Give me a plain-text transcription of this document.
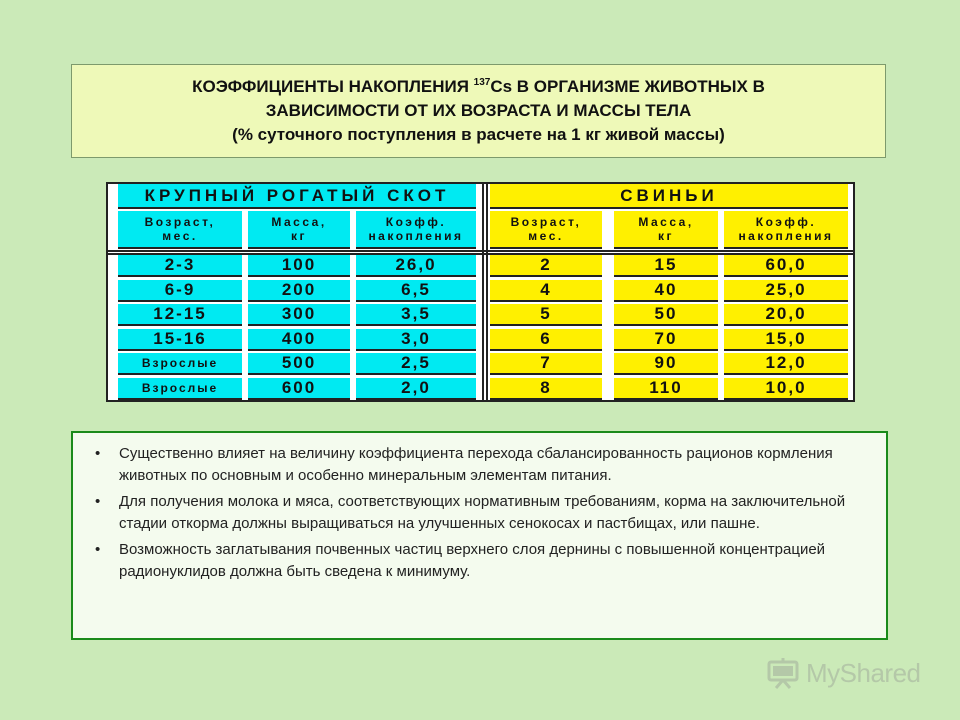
КОЭФФИЦИЕНТЫ НАКОПЛЕНИЯ $^{137}$Cs В ОРГАНИЗМЕ ЖИВОТНЫХ В
ЗАВИСИМОСТИ ОТ ИХ ВОЗРАСТА И МАССЫ ТЕЛА
(% суточного поступления в расчете на 1 кг живой массы)
КРУПНЫЙ РОГАТЫЙ СКОТ
Возраст,
мес.
Масса,
кг
Коэфф.
накопления
2-3	100	26,0
6-9	200	6,5
12-15	300	3,5
15-16	400	3,0
Взрослые	500	2,5
Взрослые	600	2,0
СВИНЬИ
Возраст,
мес.
Масса,
кг
Коэфф.
накопления
2	15	60,0
4	40	25,0
5	50	20,0
6	70	15,0
7	90	12,0
8	110	10,0
• Существенно влияет на величину коэффициента перехода сбалансированность рационов кормления животных по основным и особенно минеральным элементам питания.
• Для получения молока и мяса, соответствующих нормативным требованиям, корма на заключительной стадии откорма должны выращиваться на улучшенных сенокосах и пастбищах, или пашне.
• Возможность заглатывания почвенных частиц верхнего слоя дернины с повышенной концентрацией радионуклидов должна быть сведена к минимуму.
MyShared
